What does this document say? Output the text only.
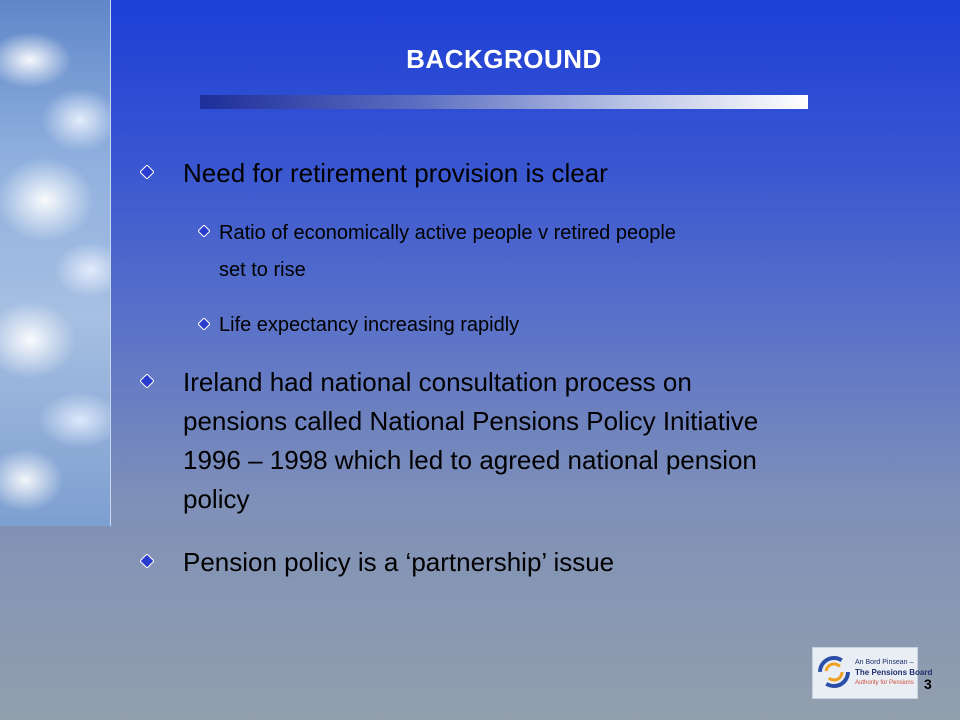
BACKGROUND
Need for retirement provision is clear
Ratio of economically active people v retired people
set to rise
Life expectancy increasing rapidly
Ireland had national consultation process on
pensions called National Pensions Policy Initiative
1996 – 1998 which led to agreed national pension
policy
Pension policy is a ‘partnership’ issue
An Bord Pinsean –
The Pensions Board
Authority for Pensions 3
